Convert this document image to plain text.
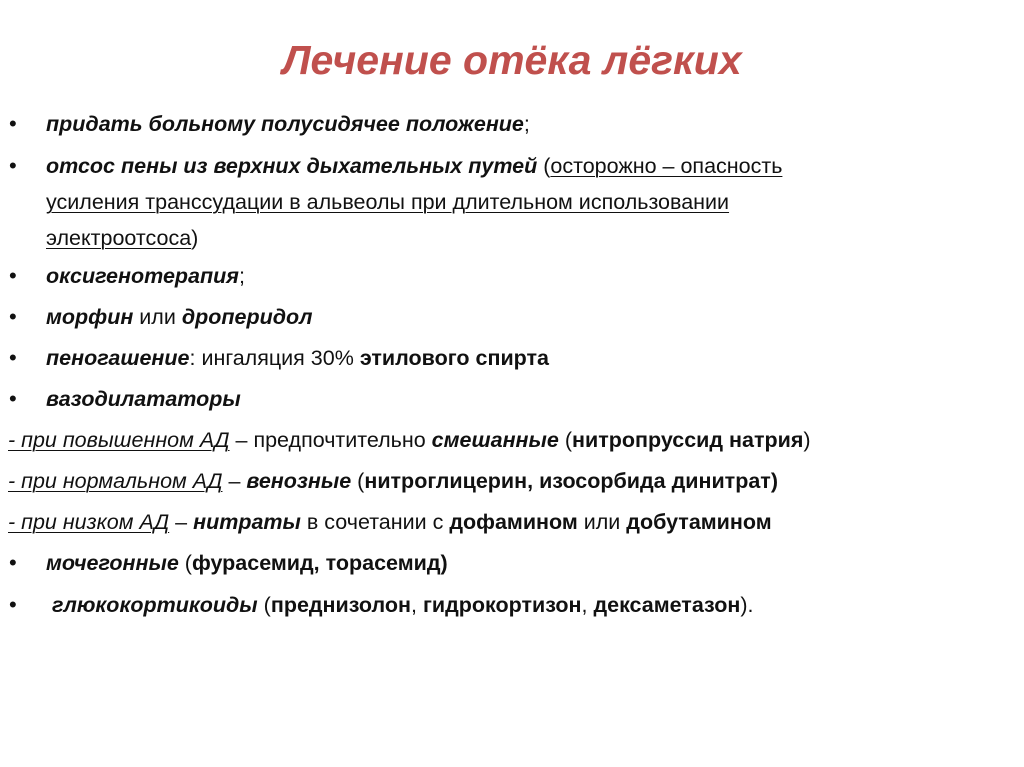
Лечение отёка лёгких
•	придать больному полусидячее положение;
•	отсос пены из верхних дыхательных путей (осторожно – опасность
усиления транссудации в альвеолы при длительном использовании
электроотсоса)
•	оксигенотерапия;
•	морфин или дроперидол
•	пеногашение: ингаляция 30% этилового спирта
•	вазодилататоры
- при повышенном АД – предпочтительно смешанные (нитропруссид натрия)
- при нормальном АД – венозные (нитроглицерин, изосорбида динитрат)
- при низком АД – нитраты в сочетании с дофамином или добутамином
•	мочегонные (фурасемид, торасемид)
•	глюкокортикоиды (преднизолон, гидрокортизон, дексаметазон).
